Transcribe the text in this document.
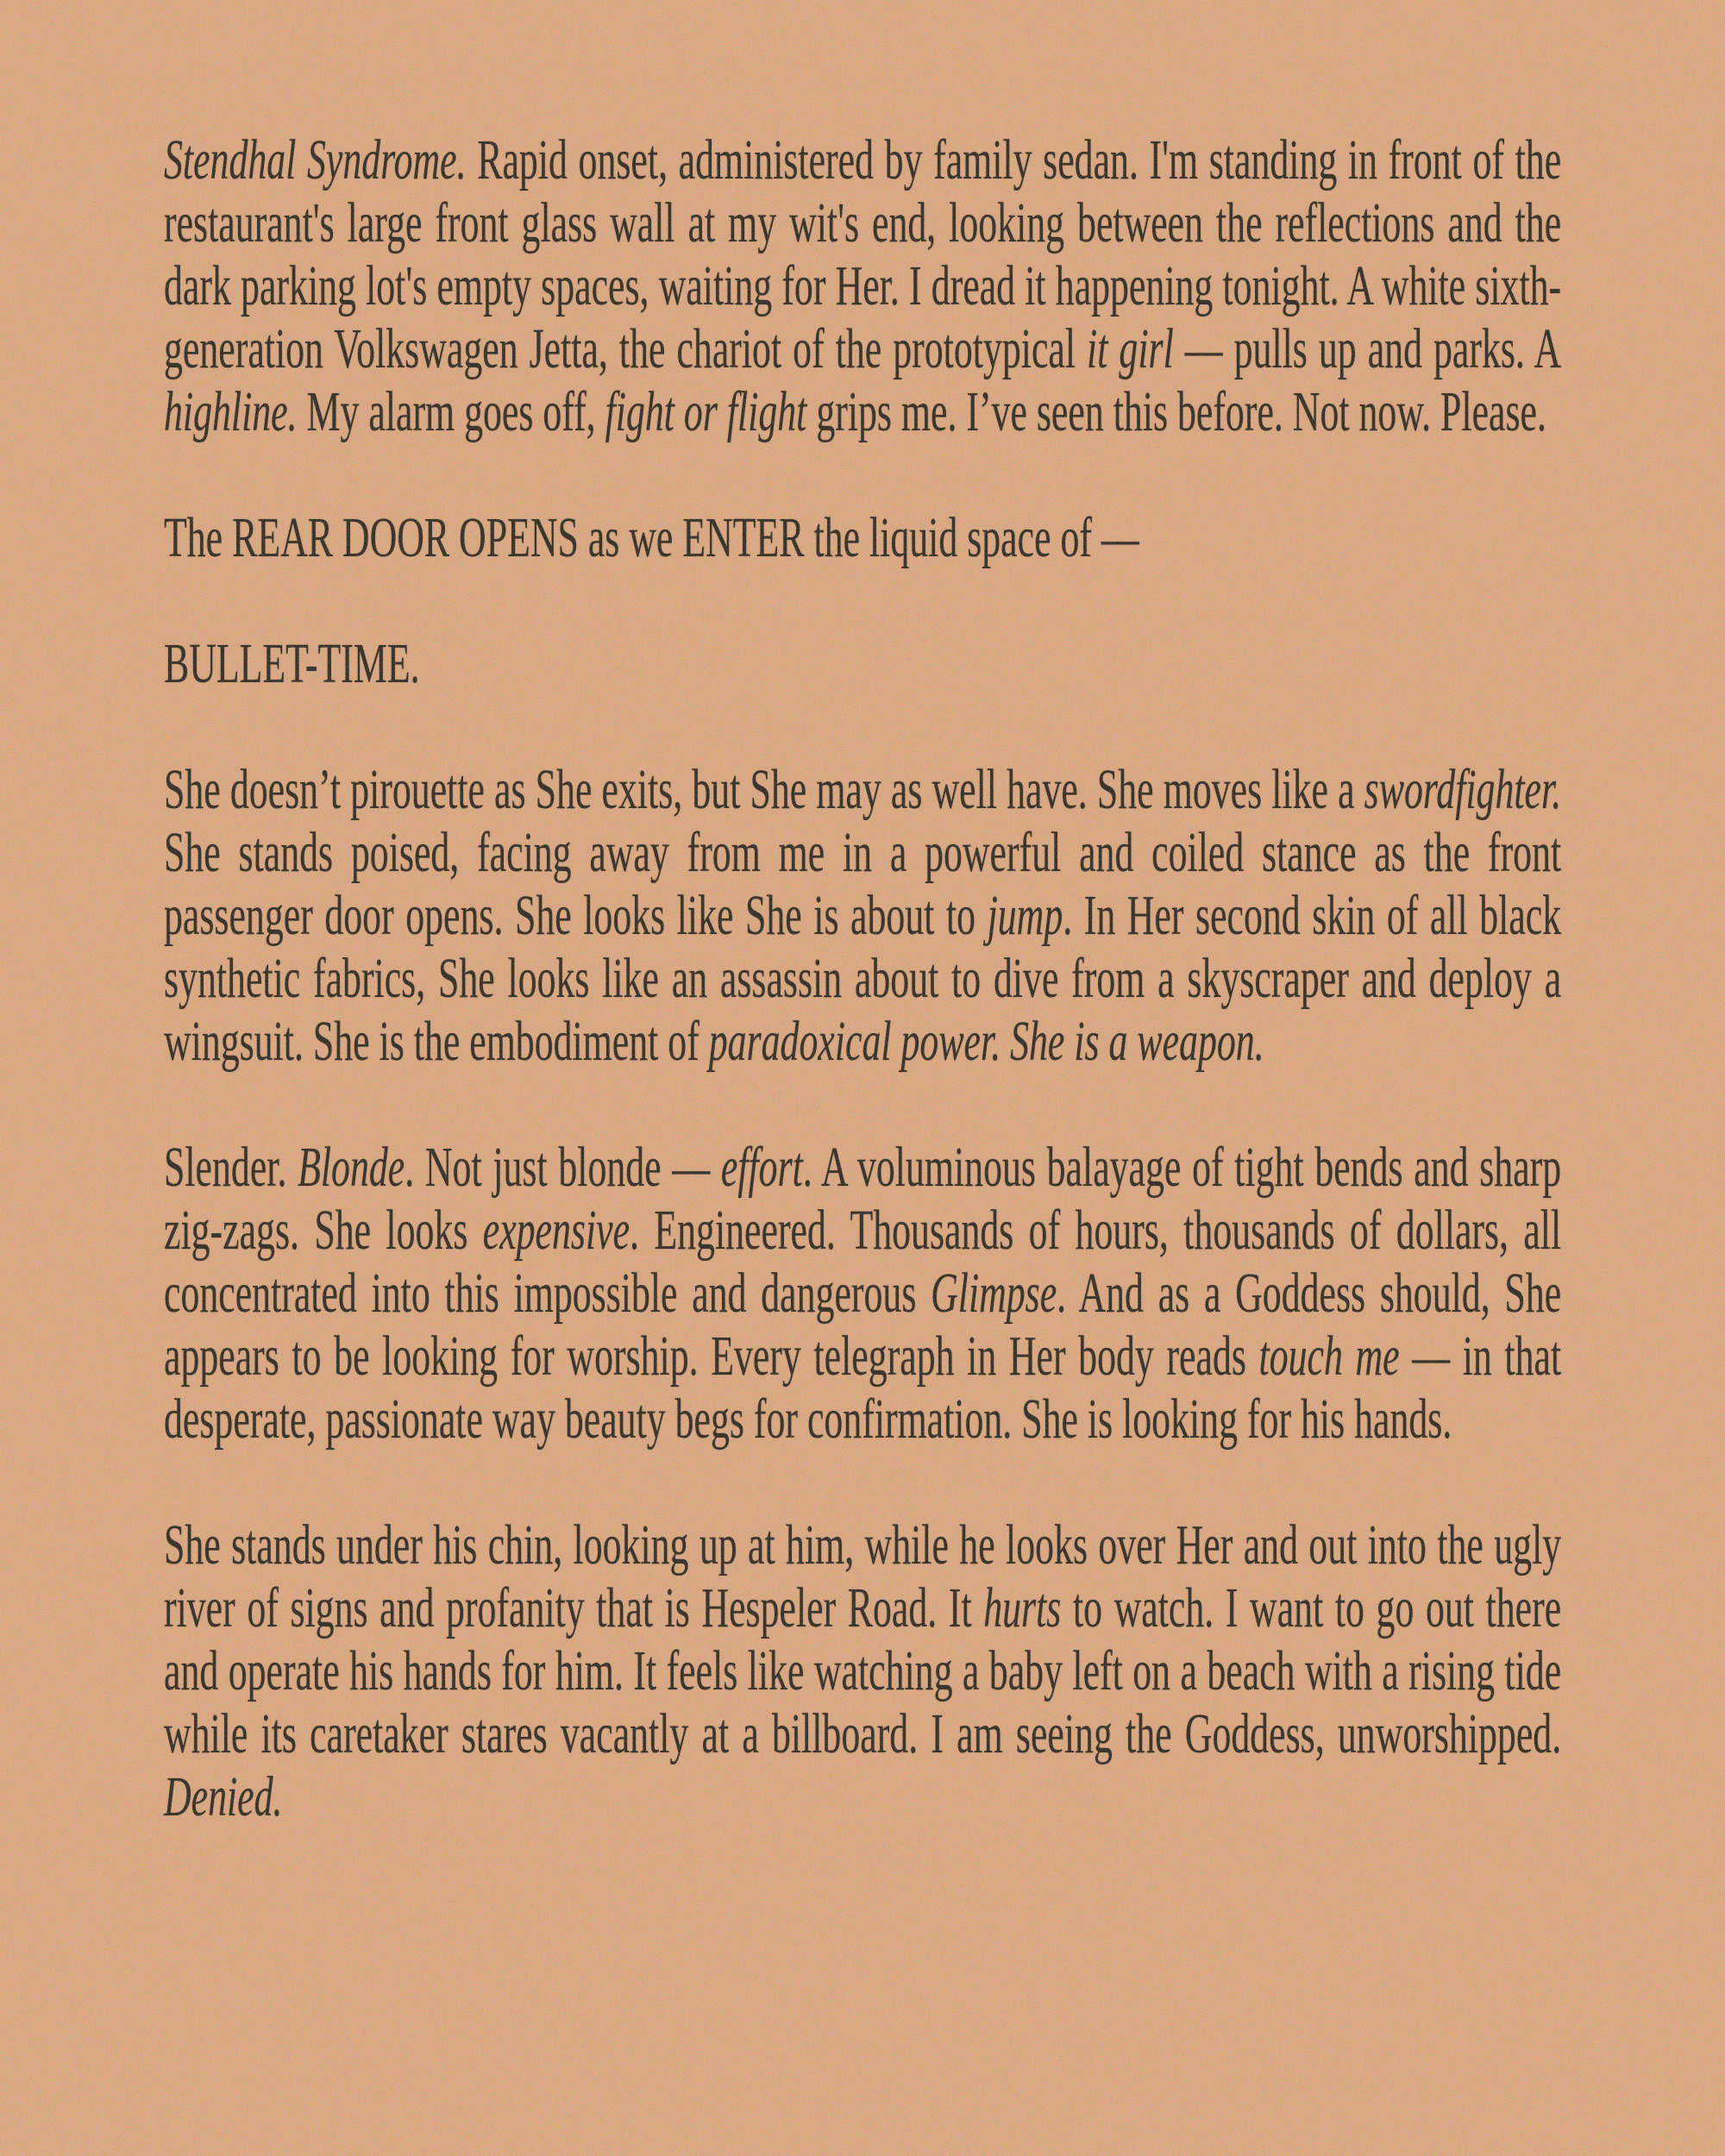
Stendhal Syndrome. Rapid onset, administered by family sedan. I'm standing in front of the restaurant's large front glass wall at my wit's end, looking between the reflections and the dark parking lot's empty spaces, waiting for Her. I dread it happening tonight. A white sixth-generation Volkswagen Jetta, the chariot of the prototypical it girl — pulls up and parks. A highline. My alarm goes off, fight or flight grips me. I’ve seen this before. Not now. Please.

The REAR DOOR OPENS as we ENTER the liquid space of —

BULLET-TIME.

She doesn’t pirouette as She exits, but She may as well have. She moves like a swordfighter. She stands poised, facing away from me in a powerful and coiled stance as the front passenger door opens. She looks like She is about to jump. In Her second skin of all black synthetic fabrics, She looks like an assassin about to dive from a skyscraper and deploy a wingsuit. She is the embodiment of paradoxical power. She is a weapon.

Slender. Blonde. Not just blonde — effort. A voluminous balayage of tight bends and sharp zig-zags. She looks expensive. Engineered. Thousands of hours, thousands of dollars, all concentrated into this impossible and dangerous Glimpse. And as a Goddess should, She appears to be looking for worship. Every telegraph in Her body reads touch me — in that desperate, passionate way beauty begs for confirmation. She is looking for his hands.

She stands under his chin, looking up at him, while he looks over Her and out into the ugly river of signs and profanity that is Hespeler Road. It hurts to watch. I want to go out there and operate his hands for him. It feels like watching a baby left on a beach with a rising tide while its caretaker stares vacantly at a billboard. I am seeing the Goddess, unworshipped. Denied.
